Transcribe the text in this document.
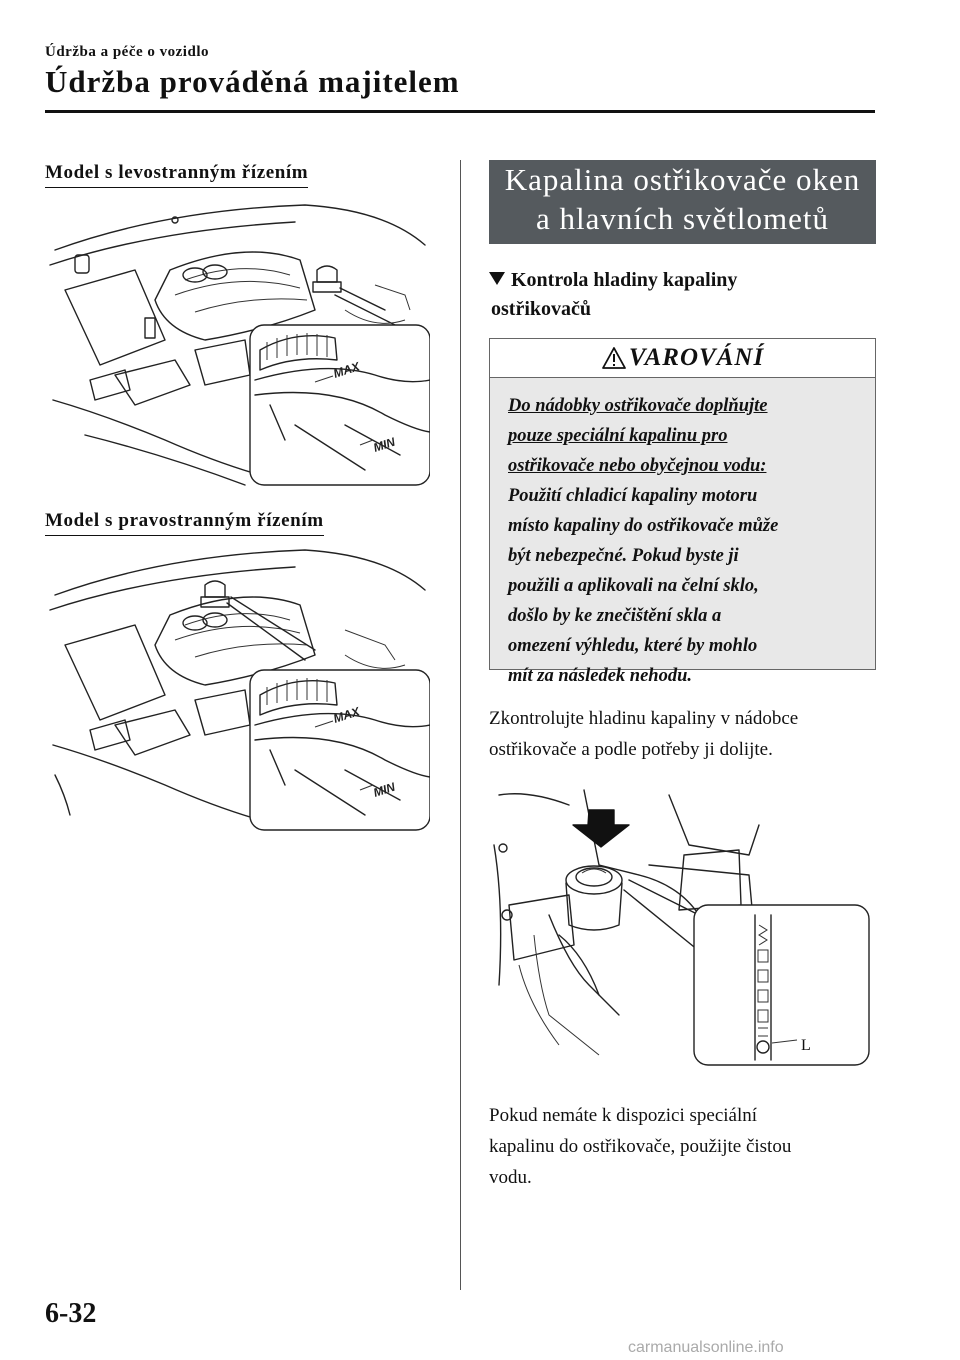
Údržba a péče o vozidlo
Údržba prováděná majitelem
Model s levostranným řízením
MAX
MIN
Model s pravostranným řízením
MAX
MIN
Kapalina ostřikovače oken
a hlavních světlometů
Kontrola hladiny kapaliny
ostřikovačů
VAROVÁNÍ
Do nádobky ostřikovače doplňujte
pouze speciální kapalinu pro
ostřikovače nebo obyčejnou vodu:
Použití chladicí kapaliny motoru
místo kapaliny do ostřikovače může
být nebezpečné. Pokud byste ji
použili a aplikovali na čelní sklo,
došlo by ke znečištění skla a
omezení výhledu, které by mohlo
mít za následek nehodu.
Zkontrolujte hladinu kapaliny v nádobce
ostřikovače a podle potřeby ji dolijte.
L
Pokud nemáte k dispozici speciální
kapalinu do ostřikovače, použijte čistou
vodu.
6-32
carmanualsonline.info
